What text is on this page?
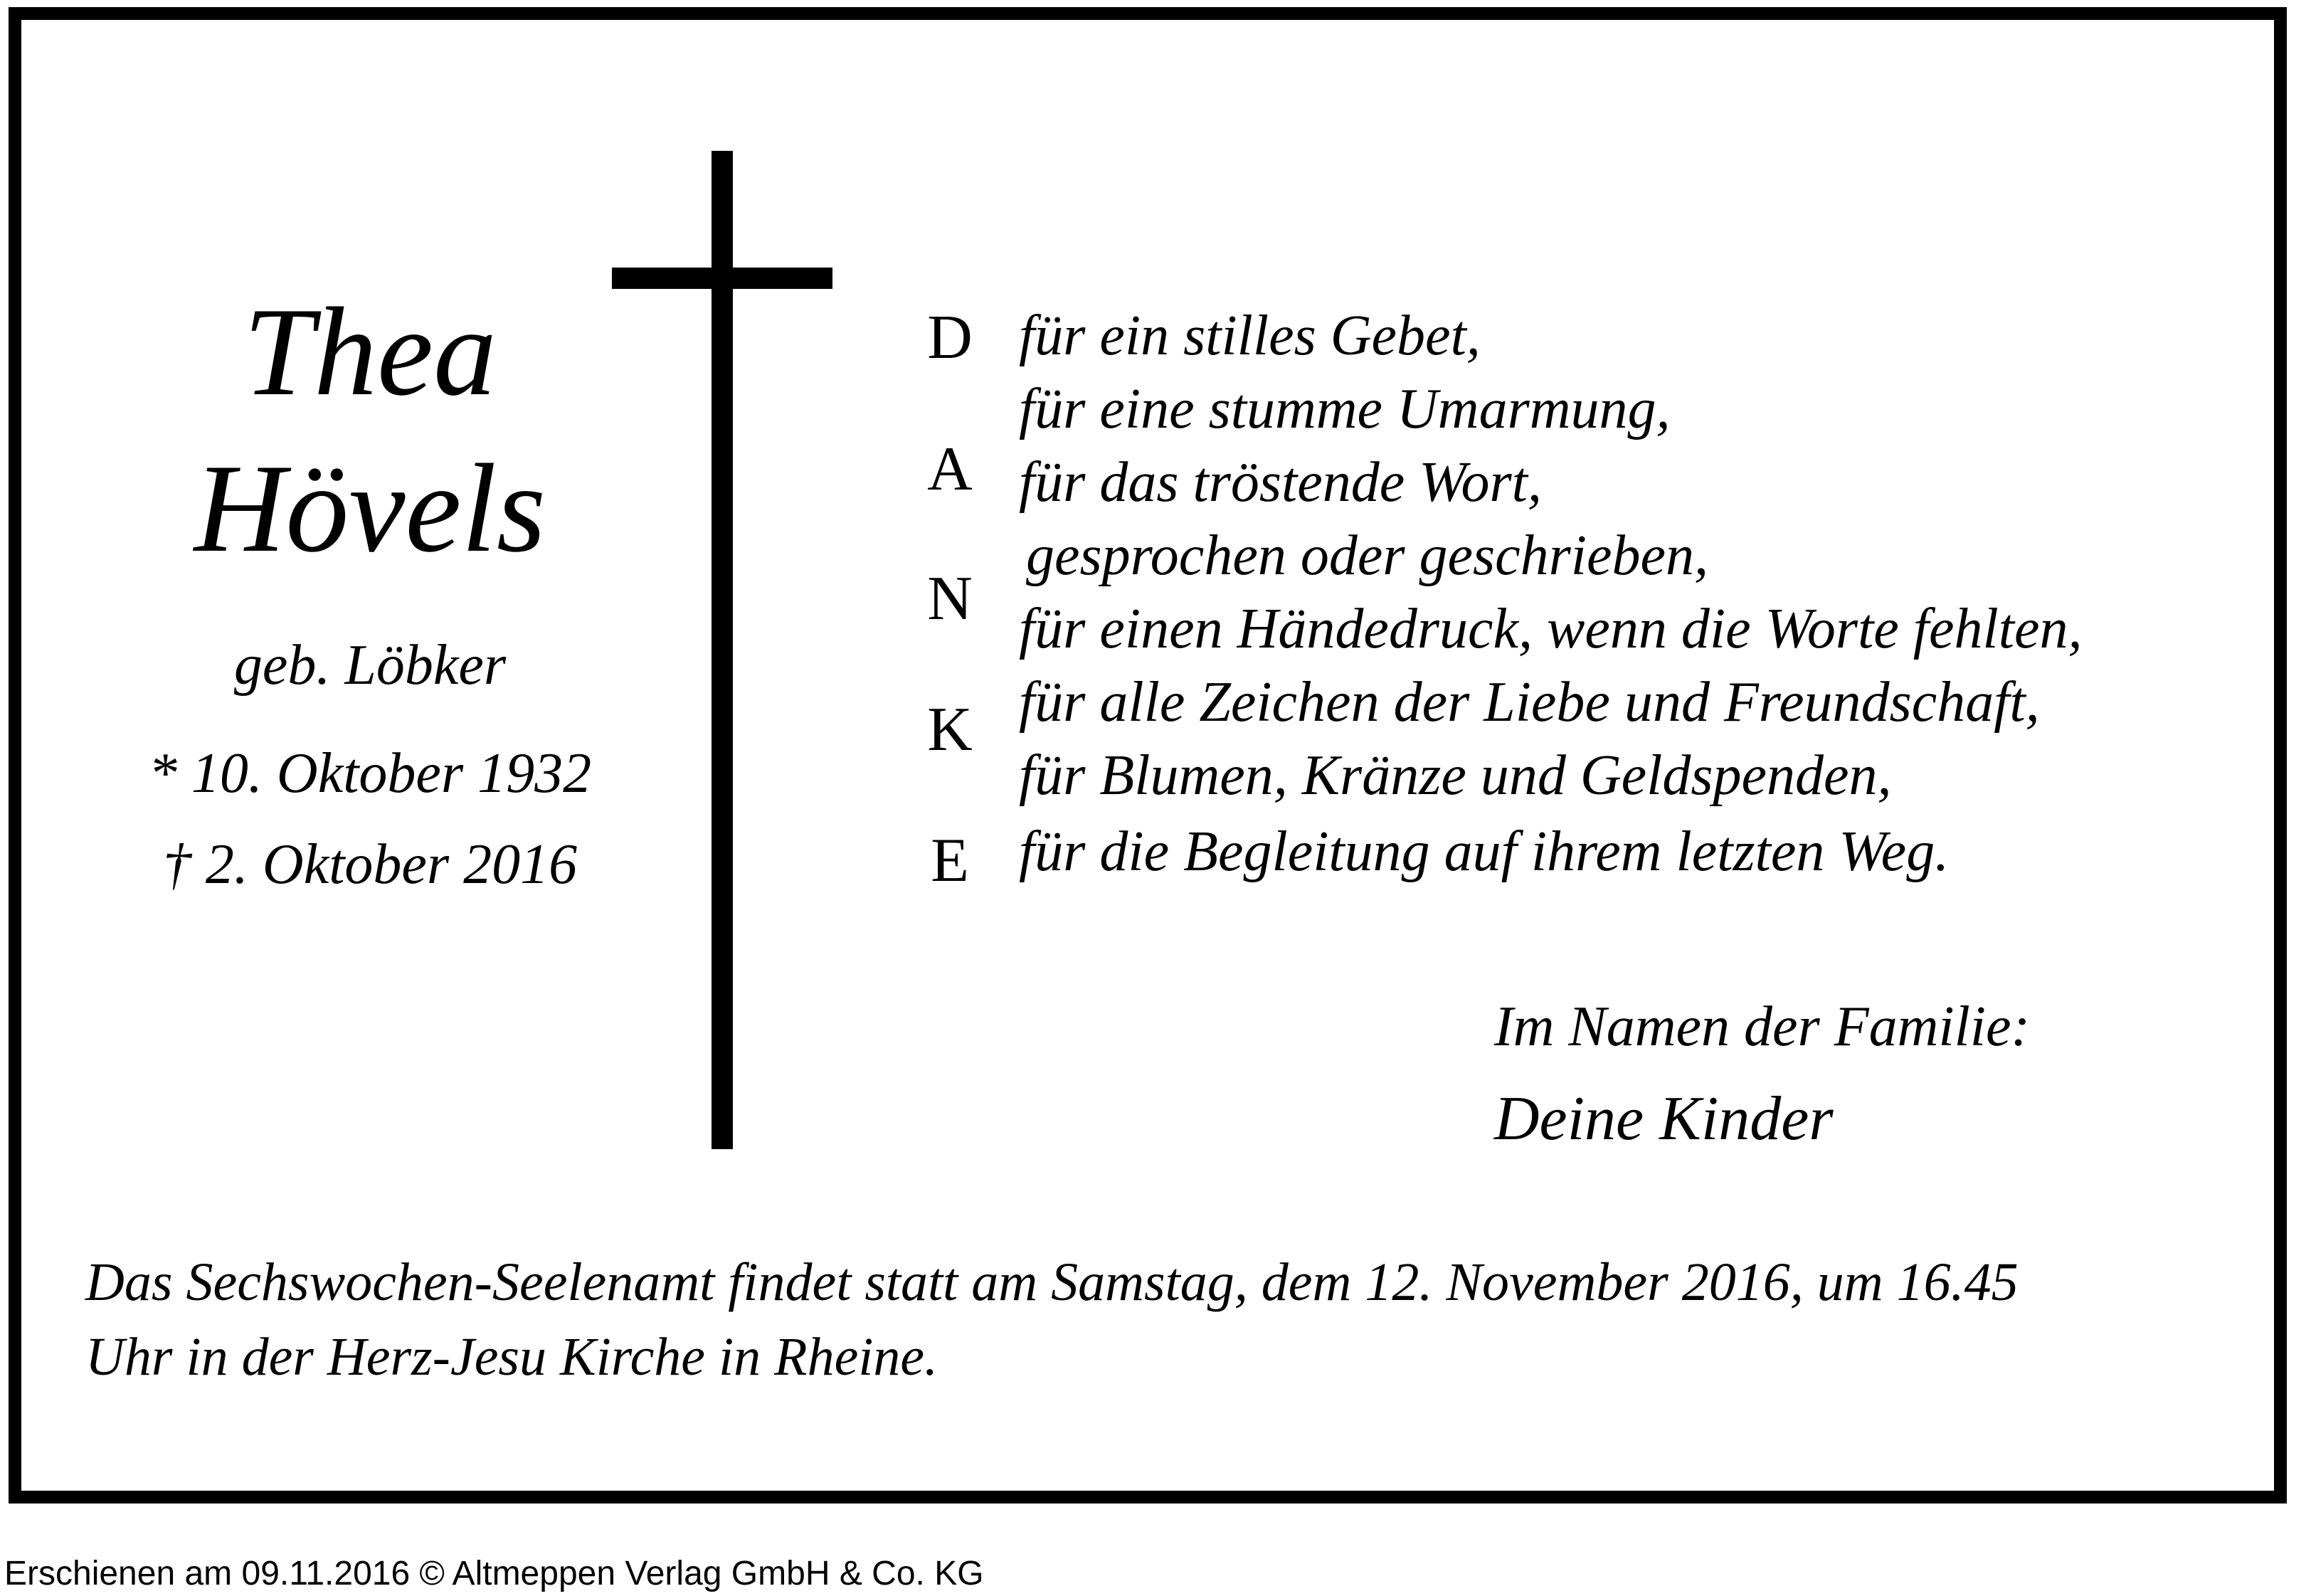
Thea
Hövels
geb. Löbker
* 10. Oktober 1932
† 2. Oktober 2016
D
A
N
K
E
für ein stilles Gebet,
für eine stumme Umarmung,
für das tröstende Wort,
gesprochen oder geschrieben,
für einen Händedruck, wenn die Worte fehlten,
für alle Zeichen der Liebe und Freundschaft,
für Blumen, Kränze und Geldspenden,
für die Begleitung auf ihrem letzten Weg.
Im Namen der Familie:
Deine Kinder
Das Sechswochen-Seelenamt findet statt am Samstag, dem 12. November 2016, um 16.45
Uhr in der Herz-Jesu Kirche in Rheine.
Erschienen am 09.11.2016 © Altmeppen Verlag GmbH & Co. KG
